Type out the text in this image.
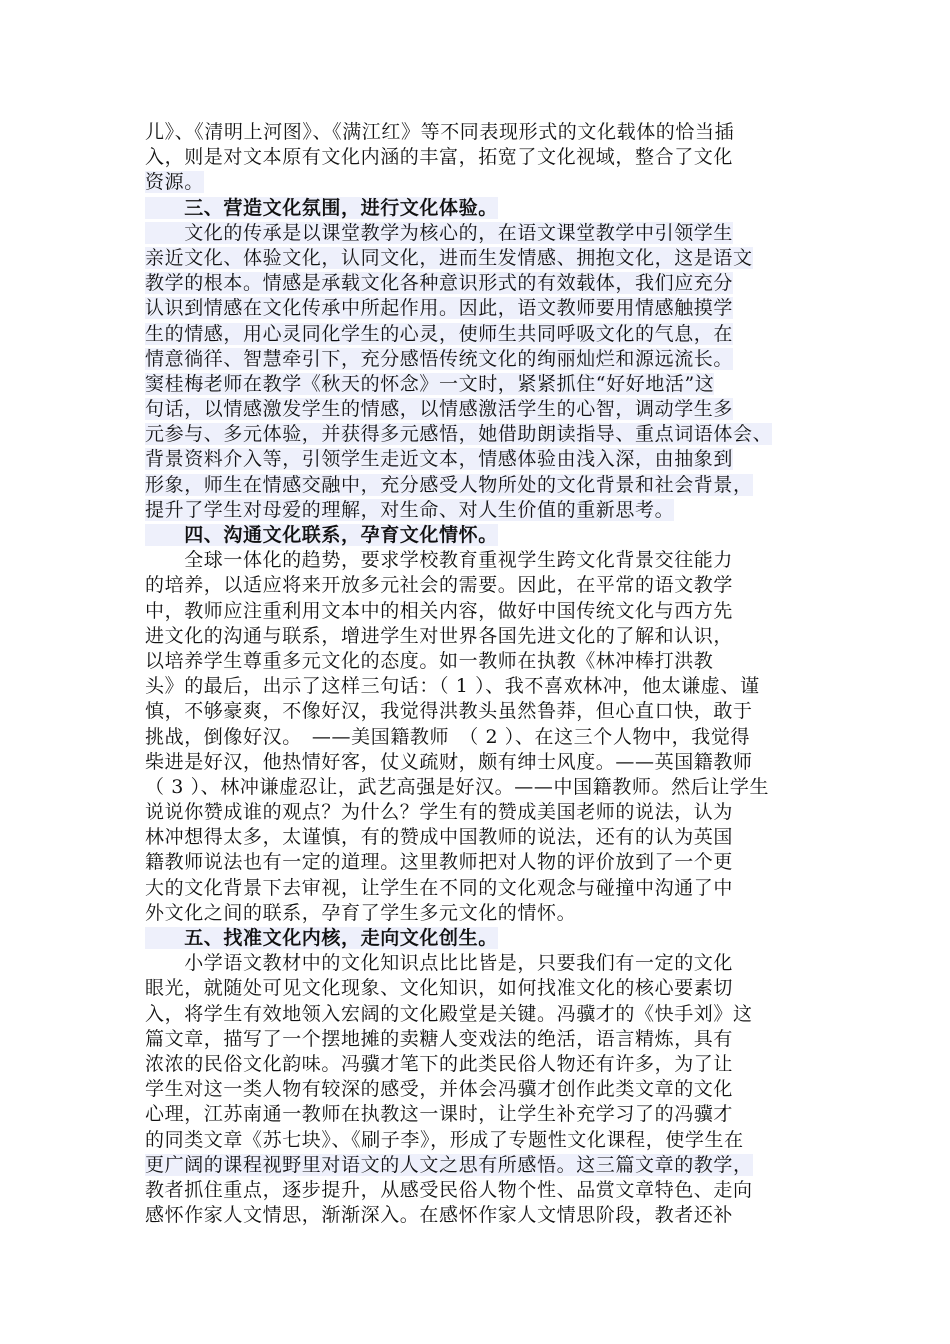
儿》、《清明上河图》、《满江红》等不同表现形式的文化载体的恰当插
入，则是对文本原有文化内涵的丰富，拓宽了文化视域，整合了文化
资源。
　　三、营造文化氛围，进行文化体验。
　　文化的传承是以课堂教学为核心的，在语文课堂教学中引领学生
亲近文化、体验文化，认同文化，进而生发情感、拥抱文化，这是语文
教学的根本。情感是承载文化各种意识形式的有效载体，我们应充分
认识到情感在文化传承中所起作用。因此，语文教师要用情感触摸学
生的情感，用心灵同化学生的心灵，使师生共同呼吸文化的气息，在
情意徜徉、智慧牵引下，充分感悟传统文化的绚丽灿烂和源远流长。
窦桂梅老师在教学《秋天的怀念》一文时，紧紧抓住“好好地活”这
句话，以情感激发学生的情感，以情感激活学生的心智，调动学生多
元参与、多元体验，并获得多元感悟，她借助朗读指导、重点词语体会、
背景资料介入等，引领学生走近文本，情感体验由浅入深，由抽象到
形象，师生在情感交融中，充分感受人物所处的文化背景和社会背景，
提升了学生对母爱的理解，对生命、对人生价值的重新思考。
　　四、沟通文化联系，孕育文化情怀。
　　全球一体化的趋势，要求学校教育重视学生跨文化背景交往能力
的培养，以适应将来开放多元社会的需要。因此，在平常的语文教学
中，教师应注重利用文本中的相关内容，做好中国传统文化与西方先
进文化的沟通与联系，增进学生对世界各国先进文化的了解和认识，
以培养学生尊重多元文化的态度。如一教师在执教《林冲棒打洪教
头》的最后，出示了这样三句话：（ 1 ）、我不喜欢林冲，他太谦虚、谨
慎，不够豪爽，不像好汉，我觉得洪教头虽然鲁莽，但心直口快，敢于
挑战，倒像好汉。　——美国籍教师　（ 2 ）、在这三个人物中，我觉得
柴进是好汉，他热情好客，仗义疏财，颇有绅士风度。——英国籍教师
（ 3 ）、林冲谦虚忍让，武艺高强是好汉。——中国籍教师。然后让学生
说说你赞成谁的观点？为什么？学生有的赞成美国老师的说法，认为
林冲想得太多，太谨慎，有的赞成中国教师的说法，还有的认为英国
籍教师说法也有一定的道理。这里教师把对人物的评价放到了一个更
大的文化背景下去审视，让学生在不同的文化观念与碰撞中沟通了中
外文化之间的联系，孕育了学生多元文化的情怀。
　　五、找准文化内核，走向文化创生。
　　小学语文教材中的文化知识点比比皆是，只要我们有一定的文化
眼光，就随处可见文化现象、文化知识，如何找准文化的核心要素切
入，将学生有效地领入宏阔的文化殿堂是关键。冯骥才的《快手刘》这
篇文章，描写了一个摆地摊的卖糖人变戏法的绝活，语言精炼，具有
浓浓的民俗文化韵味。冯骥才笔下的此类民俗人物还有许多，为了让
学生对这一类人物有较深的感受，并体会冯骥才创作此类文章的文化
心理，江苏南通一教师在执教这一课时，让学生补充学习了的冯骥才
的同类文章《苏七块》、《刷子李》，形成了专题性文化课程，使学生在
更广阔的课程视野里对语文的人文之思有所感悟。这三篇文章的教学，
教者抓住重点，逐步提升，从感受民俗人物个性、品赏文章特色、走向
感怀作家人文情思，渐渐深入。在感怀作家人文情思阶段，教者还补
